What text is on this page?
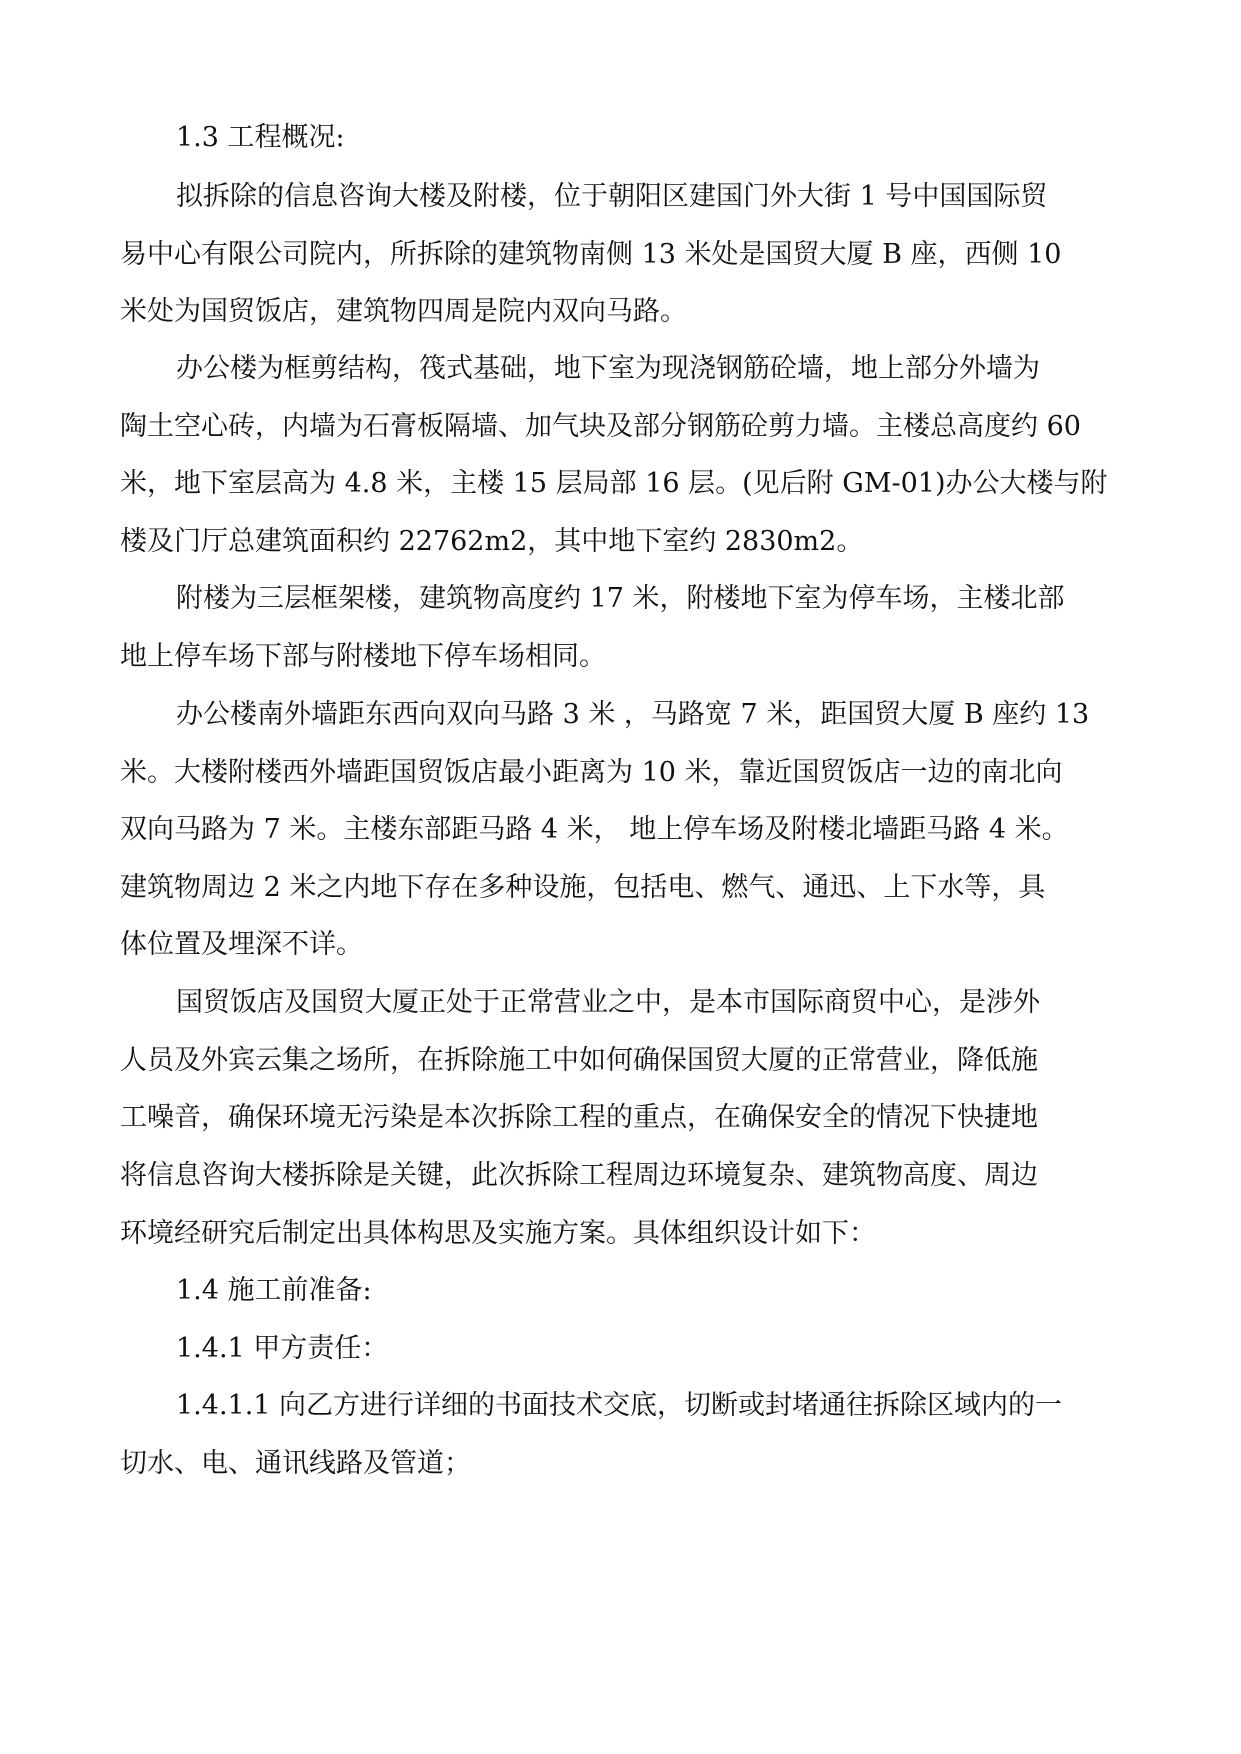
1.3 工程概况:
拟拆除的信息咨询大楼及附楼，位于朝阳区建国门外大街 1 号中国国际贸
易中心有限公司院内，所拆除的建筑物南侧 13 米处是国贸大厦 B 座，西侧 10
米处为国贸饭店，建筑物四周是院内双向马路。
办公楼为框剪结构，筏式基础，地下室为现浇钢筋砼墙，地上部分外墙为
陶土空心砖，内墙为石膏板隔墙、加气块及部分钢筋砼剪力墙。主楼总高度约 60
米，地下室层高为 4.8 米，主楼 15 层局部 16 层。(见后附 GM-01)办公大楼与附
楼及门厅总建筑面积约 22762m2，其中地下室约 2830m2。
附楼为三层框架楼，建筑物高度约 17 米，附楼地下室为停车场，主楼北部
地上停车场下部与附楼地下停车场相同。
办公楼南外墙距东西向双向马路 3 米 ，马路宽 7 米，距国贸大厦 B 座约 13
米。大楼附楼西外墙距国贸饭店最小距离为 10 米，靠近国贸饭店一边的南北向
双向马路为 7 米。主楼东部距马路 4 米， 地上停车场及附楼北墙距马路 4 米。
建筑物周边 2 米之内地下存在多种设施，包括电、燃气、通迅、上下水等，具
体位置及埋深不详。
国贸饭店及国贸大厦正处于正常营业之中，是本市国际商贸中心，是涉外
人员及外宾云集之场所，在拆除施工中如何确保国贸大厦的正常营业，降低施
工噪音，确保环境无污染是本次拆除工程的重点，在确保安全的情况下快捷地
将信息咨询大楼拆除是关键，此次拆除工程周边环境复杂、建筑物高度、周边
环境经研究后制定出具体构思及实施方案。具体组织设计如下：
1.4 施工前准备:
1.4.1 甲方责任：
1.4.1.1 向乙方进行详细的书面技术交底，切断或封堵通往拆除区域内的一
切水、电、通讯线路及管道；
